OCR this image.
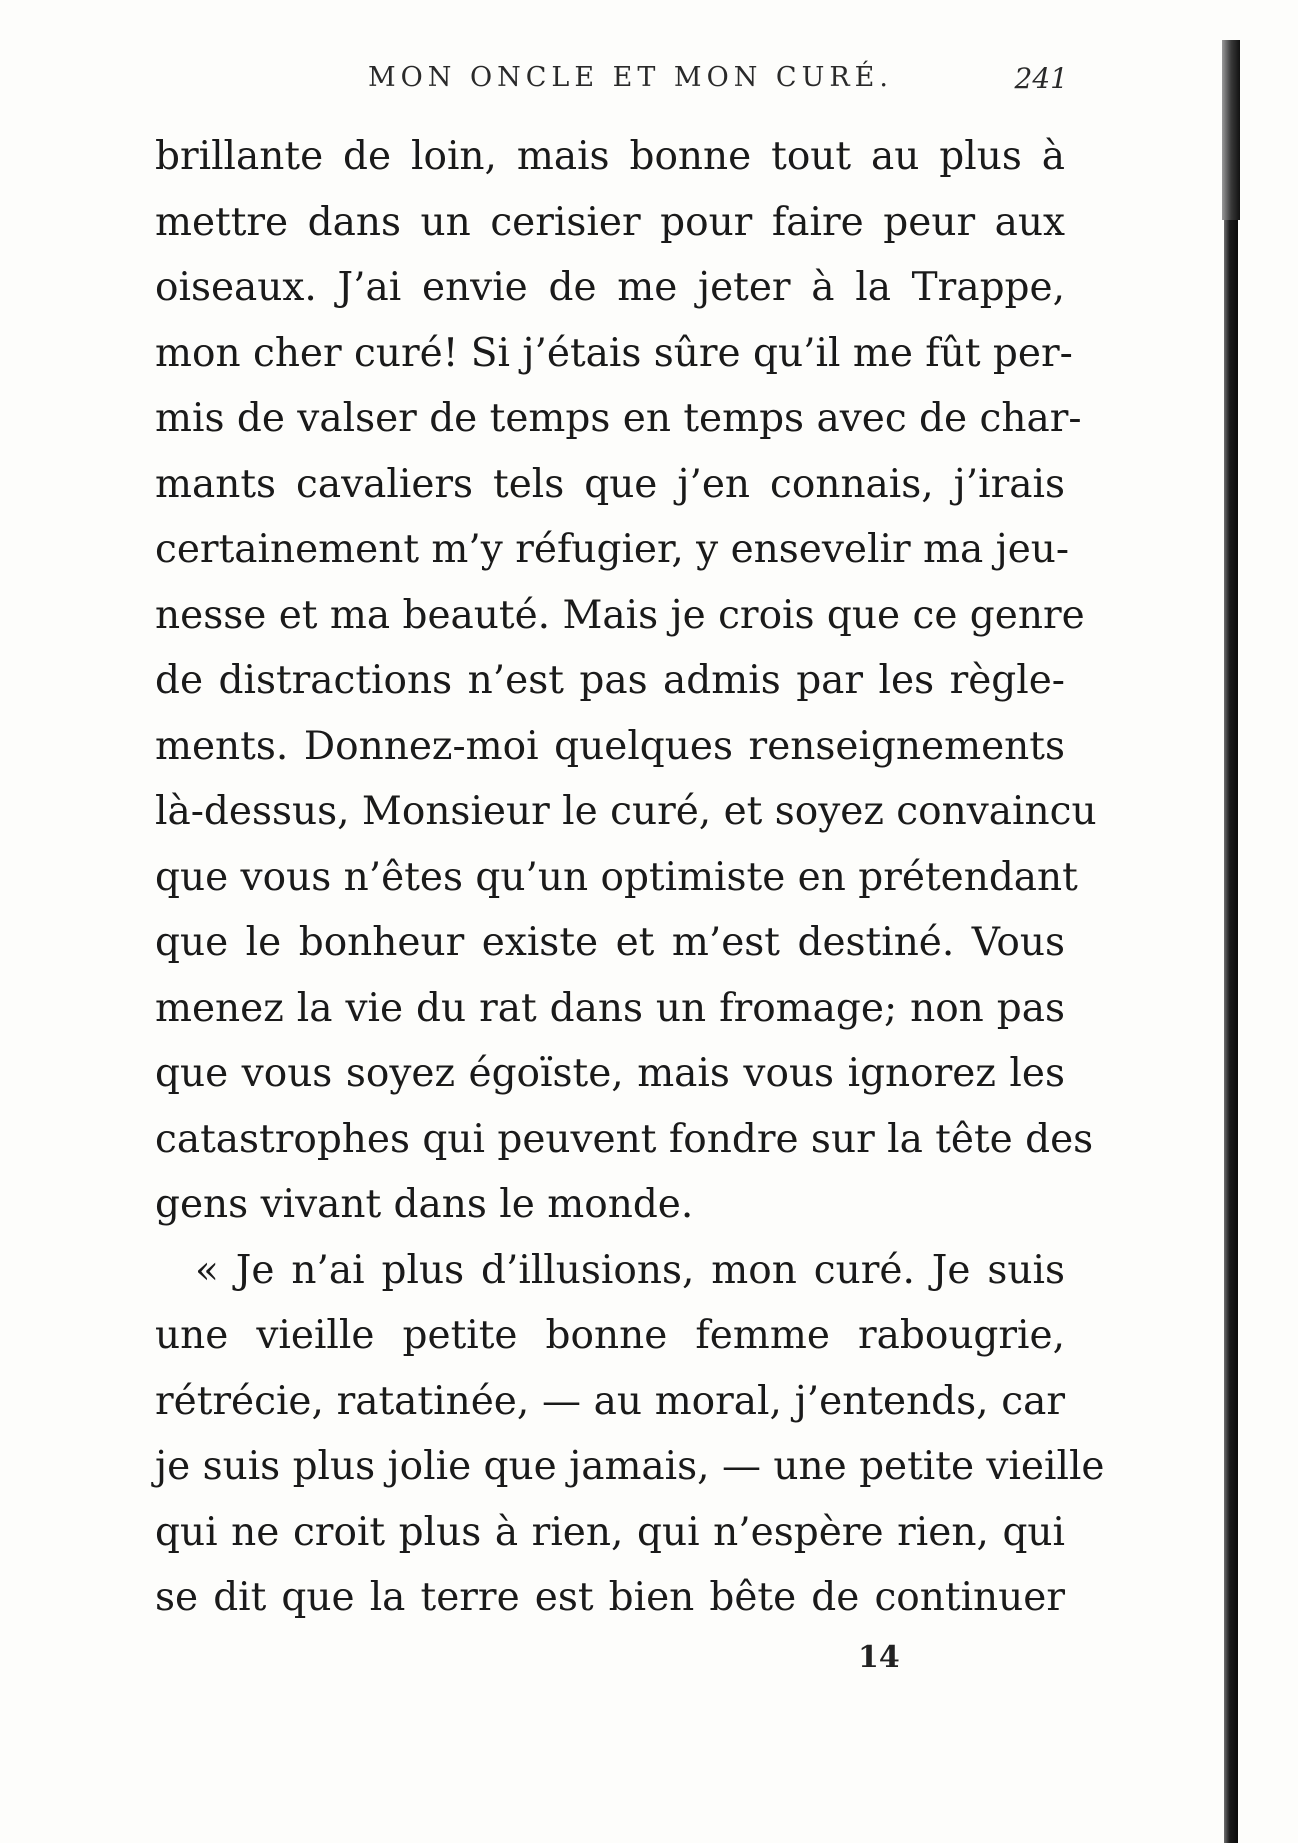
MON ONCLE ET MON CURÉ.	241
brillante de loin, mais bonne tout au plus à
mettre dans un cerisier pour faire peur aux
oiseaux. J’ai envie de me jeter à la Trappe,
mon cher curé! Si j’étais sûre qu’il me fût per-
mis de valser de temps en temps avec de char-
mants cavaliers tels que j’en connais, j’irais
certainement m’y réfugier, y ensevelir ma jeu-
nesse et ma beauté. Mais je crois que ce genre
de distractions n’est pas admis par les règle-
ments. Donnez-moi quelques renseignements
là-dessus, Monsieur le curé, et soyez convaincu
que vous n’êtes qu’un optimiste en prétendant
que le bonheur existe et m’est destiné. Vous
menez la vie du rat dans un fromage; non pas
que vous soyez égoïste, mais vous ignorez les
catastrophes qui peuvent fondre sur la tête des
gens vivant dans le monde.
« Je n’ai plus d’illusions, mon curé. Je suis
une vieille petite bonne femme rabougrie,
rétrécie, ratatinée, — au moral, j’entends, car
je suis plus jolie que jamais, — une petite vieille
qui ne croit plus à rien, qui n’espère rien, qui
se dit que la terre est bien bête de continuer
14
